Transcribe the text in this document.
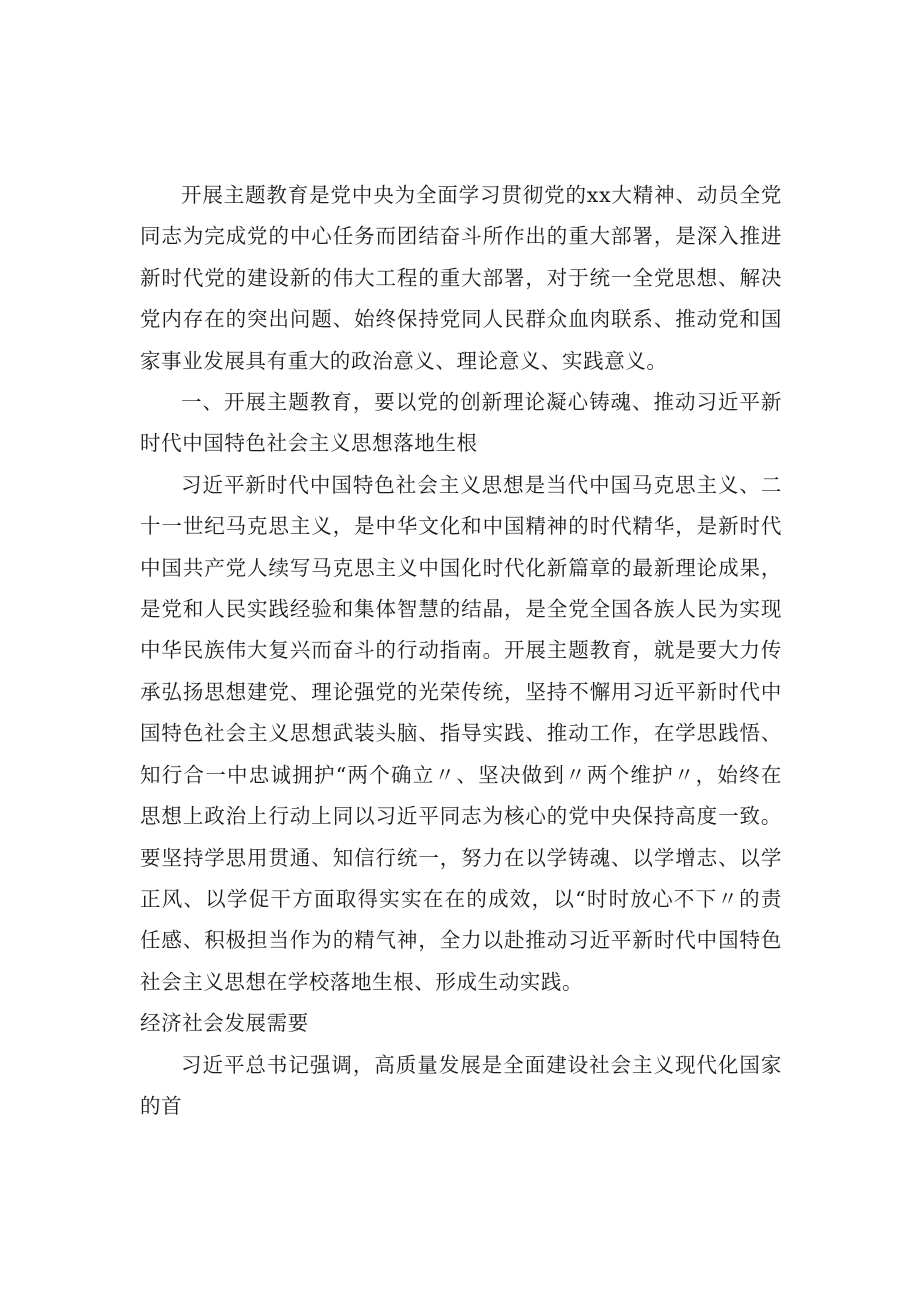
开展主题教育是党中央为全面学习贯彻党的xx大精神、动员全党同志为完成党的中心任务而团结奋斗所作出的重大部署，是深入推进新时代党的建设新的伟大工程的重大部署，对于统一全党思想、解决党内存在的突出问题、始终保持党同人民群众血肉联系、推动党和国家事业发展具有重大的政治意义、理论意义、实践意义。

一、开展主题教育，要以党的创新理论凝心铸魂、推动习近平新时代中国特色社会主义思想落地生根

习近平新时代中国特色社会主义思想是当代中国马克思主义、二十一世纪马克思主义，是中华文化和中国精神的时代精华，是新时代中国共产党人续写马克思主义中国化时代化新篇章的最新理论成果，是党和人民实践经验和集体智慧的结晶，是全党全国各族人民为实现中华民族伟大复兴而奋斗的行动指南。开展主题教育，就是要大力传承弘扬思想建党、理论强党的光荣传统，坚持不懈用习近平新时代中国特色社会主义思想武装头脑、指导实践、推动工作，在学思践悟、知行合一中忠诚拥护“两个确立〃、坚决做到〃两个维护〃，始终在思想上政治上行动上同以习近平同志为核心的党中央保持高度一致。要坚持学思用贯通、知信行统一，努力在以学铸魂、以学增志、以学正风、以学促干方面取得实实在在的成效，以“时时放心不下〃的责任感、积极担当作为的精气神，全力以赴推动习近平新时代中国特色社会主义思想在学校落地生根、形成生动实践。

经济社会发展需要

习近平总书记强调，高质量发展是全面建设社会主义现代化国家的首
